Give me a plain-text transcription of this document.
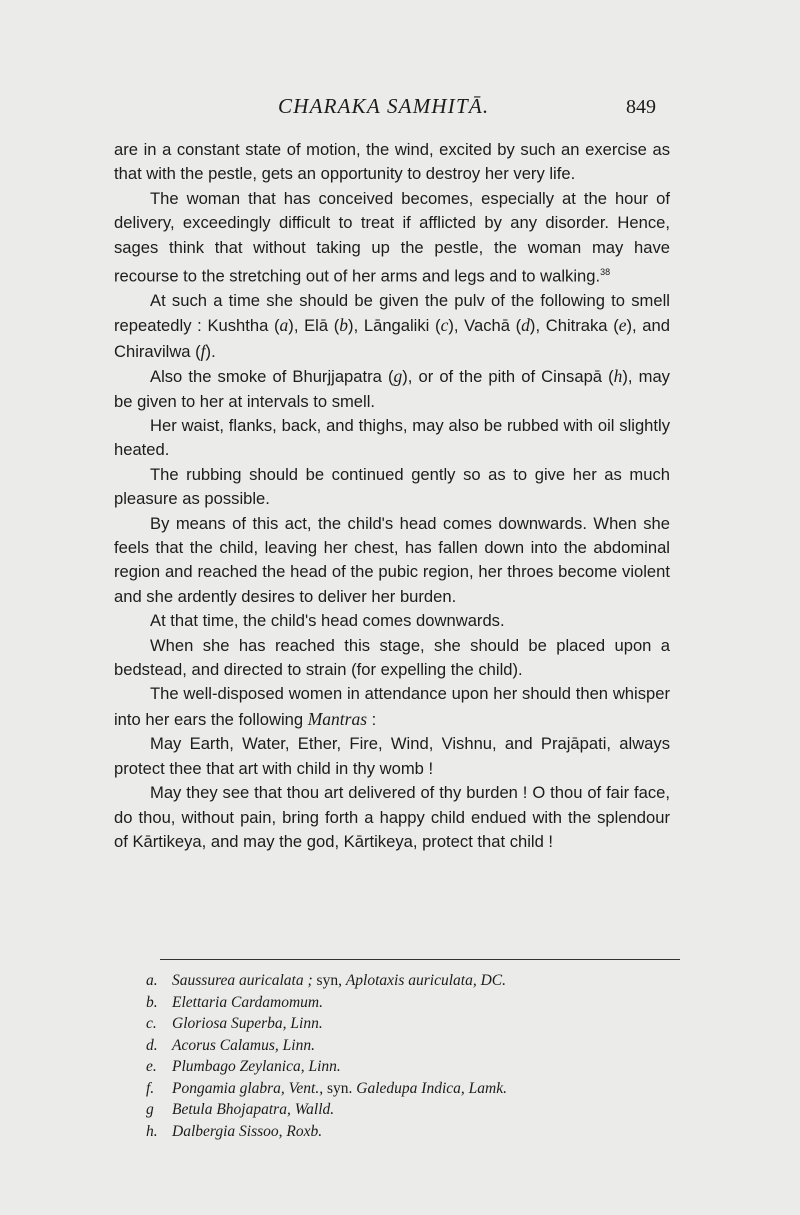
CHARAKA SAMHITĀ.	849

are in a constant state of motion, the wind, excited by such an exercise as that with the pestle, gets an opportunity to destroy her very life.

The woman that has conceived becomes, especially at the hour of delivery, exceedingly difficult to treat if afflicted by any disorder. Hence, sages think that without taking up the pestle, the woman may have recourse to the stretching out of her arms and legs and to walking.$^{38}$

At such a time she should be given the pulv of the following to smell repeatedly : Kushtha (a), Elā (b), Lāngaliki (c), Vachā (d), Chitraka (e), and Chiravilwa (f).

Also the smoke of Bhurjjapatra (g), or of the pith of Cinsapā (h), may be given to her at intervals to smell.

Her waist, flanks, back, and thighs, may also be rubbed with oil slightly heated.

The rubbing should be continued gently so as to give her as much pleasure as possible.

By means of this act, the child's head comes downwards. When she feels that the child, leaving her chest, has fallen down into the abdominal region and reached the head of the pubic region, her throes become violent and she ardently desires to deliver her burden.

At that time, the child's head comes downwards.

When she has reached this stage, she should be placed upon a bedstead, and directed to strain (for expelling the child).

The well-disposed women in attendance upon her should then whisper into her ears the following Mantras :

May Earth, Water, Ether, Fire, Wind, Vishnu, and Prajāpati, always protect thee that art with child in thy womb !

May they see that thou art delivered of thy burden ! O thou of fair face, do thou, without pain, bring forth a happy child endued with the splendour of Kārtikeya, and may the god, Kārtikeya, protect that child !

a. Saussurea auricalata ; syn, Aplotaxis auriculata, DC.
b. Elettaria Cardamomum.
c. Gloriosa Superba, Linn.
d. Acorus Calamus, Linn.
e. Plumbago Zeylanica, Linn.
f. Pongamia glabra, Vent., syn. Galedupa Indica, Lamk.
g Betula Bhojapatra, Walld.
h. Dalbergia Sissoo, Roxb.
